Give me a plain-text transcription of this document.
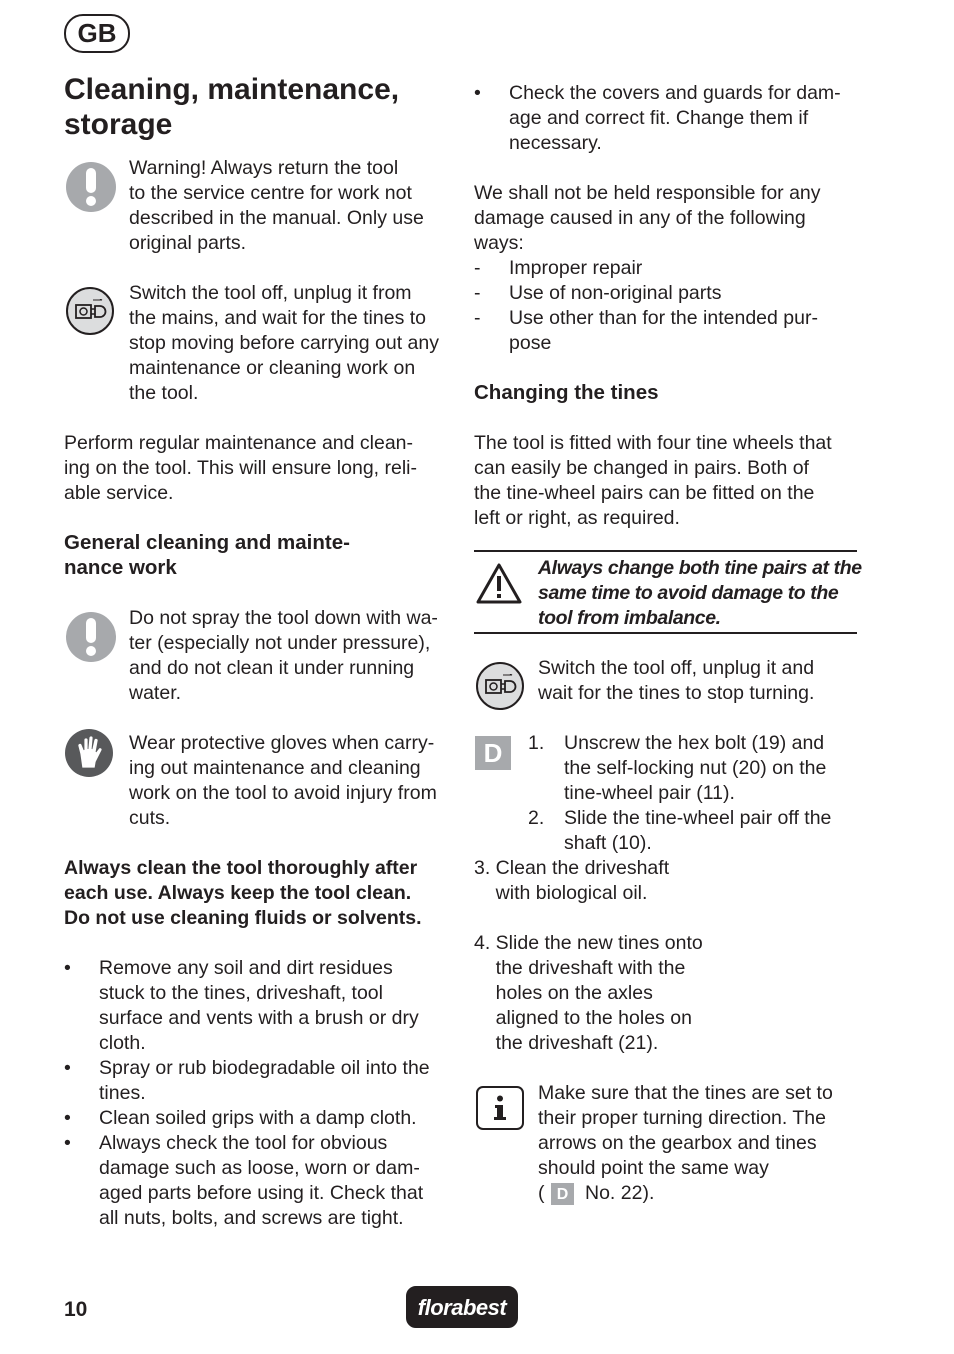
GB
Cleaning, maintenance,
storage
Warning! Always return the tool
to the service centre for work not
described in the manual. Only use
original parts.
Switch the tool off, unplug it from
the mains, and wait for the tines to
stop moving before carrying out any
maintenance or cleaning work on
the tool.
Perform regular maintenance and clean-
ing on the tool. This will ensure long, reli-
able service.
General cleaning and mainte-
nance work
Do not spray the tool down with wa-
ter (especially not under pressure),
and do not clean it under running
water.
Wear protective gloves when carry-
ing out maintenance and cleaning
work on the tool to avoid injury from
cuts.
Always clean the tool thoroughly after
each use. Always keep the tool clean.
Do not use cleaning fluids or solvents.
• Remove any soil and dirt residues
stuck to the tines, driveshaft, tool
surface and vents with a brush or dry
cloth.
• Spray or rub biodegradable oil into the
tines.
• Clean soiled grips with a damp cloth.
• Always check the tool for obvious
damage such as loose, worn or dam-
aged parts before using it. Check that
all nuts, bolts, and screws are tight.
• Check the covers and guards for dam-
age and correct fit. Change them if
necessary.
We shall not be held responsible for any
damage caused in any of the following
ways:
- Improper repair
- Use of non-original parts
- Use other than for the intended pur-
pose
Changing the tines
The tool is fitted with four tine wheels that
can easily be changed in pairs. Both of
the tine-wheel pairs can be fitted on the
left or right, as required.
Always change both tine pairs at the
same time to avoid damage to the
tool from imbalance.
Switch the tool off, unplug it and
wait for the tines to stop turning.
D	1. Unscrew the hex bolt (19) and
the self-locking nut (20) on the
tine-wheel pair (11).
2. Slide the tine-wheel pair off the
shaft (10).
3. Clean the driveshaft
with biological oil.
4. Slide the new tines onto
the driveshaft with the
holes on the axles
aligned to the holes on
the driveshaft (21).
Make sure that the tines are set to
their proper turning direction. The
arrows on the gearbox and tines
should point the same way
( D No. 22).
10	florabest
